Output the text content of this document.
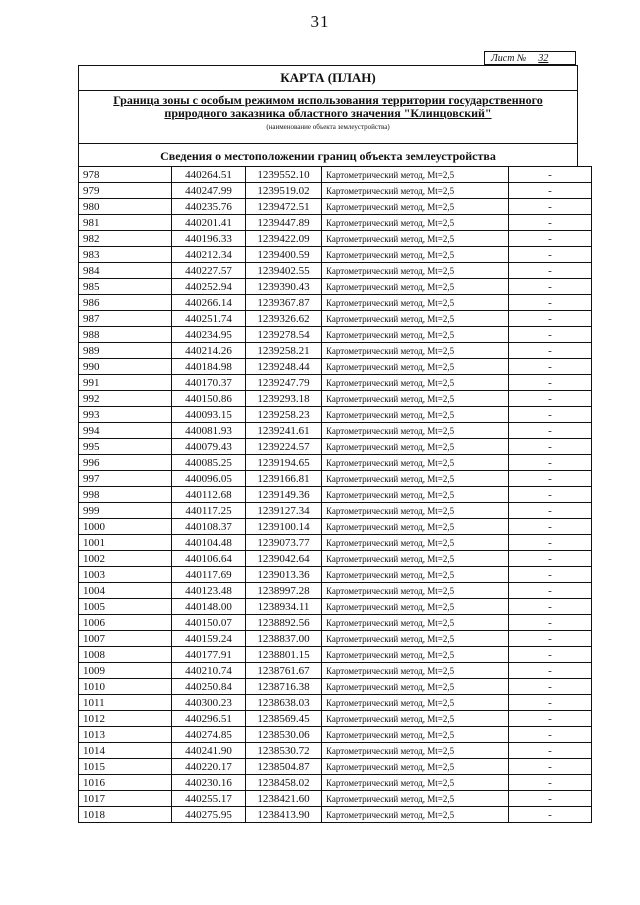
31
Лист № 32
КАРТА (ПЛАН)
Граница зоны с особым режимом использования территории государственного
природного заказника областного значения "Клинцовский"
(наименование объекта землеустройства)
Сведения о местоположении границ объекта землеустройства
978	440264.51	1239552.10	Картометрический метод, Mt=2,5	-
979	440247.99	1239519.02	Картометрический метод, Mt=2,5	-
980	440235.76	1239472.51	Картометрический метод, Mt=2,5	-
981	440201.41	1239447.89	Картометрический метод, Mt=2,5	-
982	440196.33	1239422.09	Картометрический метод, Mt=2,5	-
983	440212.34	1239400.59	Картометрический метод, Mt=2,5	-
984	440227.57	1239402.55	Картометрический метод, Mt=2,5	-
985	440252.94	1239390.43	Картометрический метод, Mt=2,5	-
986	440266.14	1239367.87	Картометрический метод, Mt=2,5	-
987	440251.74	1239326.62	Картометрический метод, Mt=2,5	-
988	440234.95	1239278.54	Картометрический метод, Mt=2,5	-
989	440214.26	1239258.21	Картометрический метод, Mt=2,5	-
990	440184.98	1239248.44	Картометрический метод, Mt=2,5	-
991	440170.37	1239247.79	Картометрический метод, Mt=2,5	-
992	440150.86	1239293.18	Картометрический метод, Mt=2,5	-
993	440093.15	1239258.23	Картометрический метод, Mt=2,5	-
994	440081.93	1239241.61	Картометрический метод, Mt=2,5	-
995	440079.43	1239224.57	Картометрический метод, Mt=2,5	-
996	440085.25	1239194.65	Картометрический метод, Mt=2,5	-
997	440096.05	1239166.81	Картометрический метод, Mt=2,5	-
998	440112.68	1239149.36	Картометрический метод, Mt=2,5	-
999	440117.25	1239127.34	Картометрический метод, Mt=2,5	-
1000	440108.37	1239100.14	Картометрический метод, Mt=2,5	-
1001	440104.48	1239073.77	Картометрический метод, Mt=2,5	-
1002	440106.64	1239042.64	Картометрический метод, Mt=2,5	-
1003	440117.69	1239013.36	Картометрический метод, Mt=2,5	-
1004	440123.48	1238997.28	Картометрический метод, Mt=2,5	-
1005	440148.00	1238934.11	Картометрический метод, Mt=2,5	-
1006	440150.07	1238892.56	Картометрический метод, Mt=2,5	-
1007	440159.24	1238837.00	Картометрический метод, Mt=2,5	-
1008	440177.91	1238801.15	Картометрический метод, Mt=2,5	-
1009	440210.74	1238761.67	Картометрический метод, Mt=2,5	-
1010	440250.84	1238716.38	Картометрический метод, Mt=2,5	-
1011	440300.23	1238638.03	Картометрический метод, Mt=2,5	-
1012	440296.51	1238569.45	Картометрический метод, Mt=2,5	-
1013	440274.85	1238530.06	Картометрический метод, Mt=2,5	-
1014	440241.90	1238530.72	Картометрический метод, Mt=2,5	-
1015	440220.17	1238504.87	Картометрический метод, Mt=2,5	-
1016	440230.16	1238458.02	Картометрический метод, Mt=2,5	-
1017	440255.17	1238421.60	Картометрический метод, Mt=2,5	-
1018	440275.95	1238413.90	Картометрический метод, Mt=2,5	-
